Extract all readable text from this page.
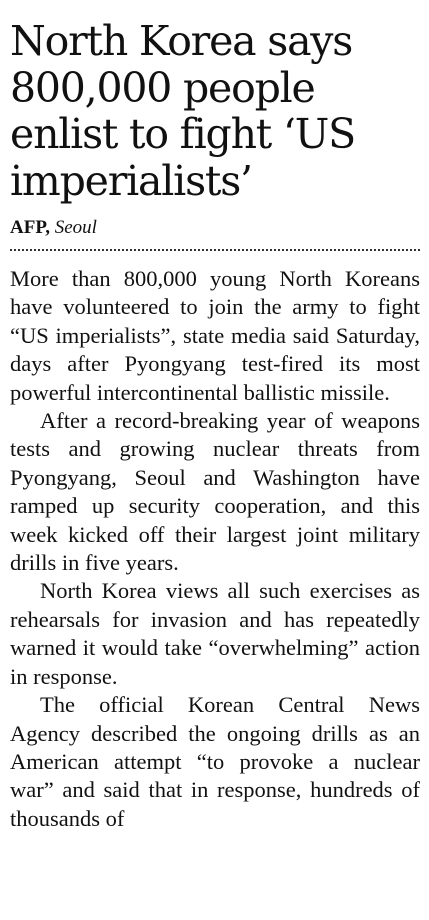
North Korea says 800,000 people enlist to fight ‘US imperialists’
AFP, Seoul

More than 800,000 young North Koreans have volunteered to join the army to fight “US imperialists”, state media said Saturday, days after Pyongyang test-fired its most powerful intercontinental ballistic missile.

After a record-breaking year of weapons tests and growing nuclear threats from Pyongyang, Seoul and Washington have ramped up security cooperation, and this week kicked off their largest joint military drills in five years.

North Korea views all such exercises as rehearsals for invasion and has repeatedly warned it would take “overwhelming” action in response.

The official Korean Central News Agency described the ongoing drills as an American attempt “to provoke a nuclear war” and said that in response, hundreds of thousands of
